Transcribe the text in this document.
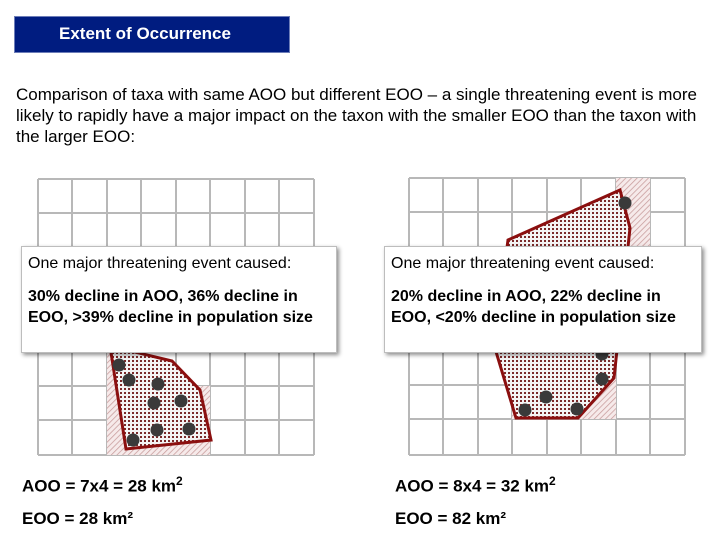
Extent of Occurrence
Comparison of taxa with same AOO but different EOO – a single threatening event is more likely to rapidly have a major impact on the taxon with the smaller EOO than the taxon with the larger EOO:
One major threatening event caused:
30% decline in AOO, 36% decline in EOO, >39% decline in population size
One major threatening event caused:
20% decline in AOO, 22% decline in EOO, <20% decline in population size
AOO = 7x4 = 28 $km^2$
EOO = 28 km²
AOO = 8x4 = 32 $km^2$
EOO = 82 km²
